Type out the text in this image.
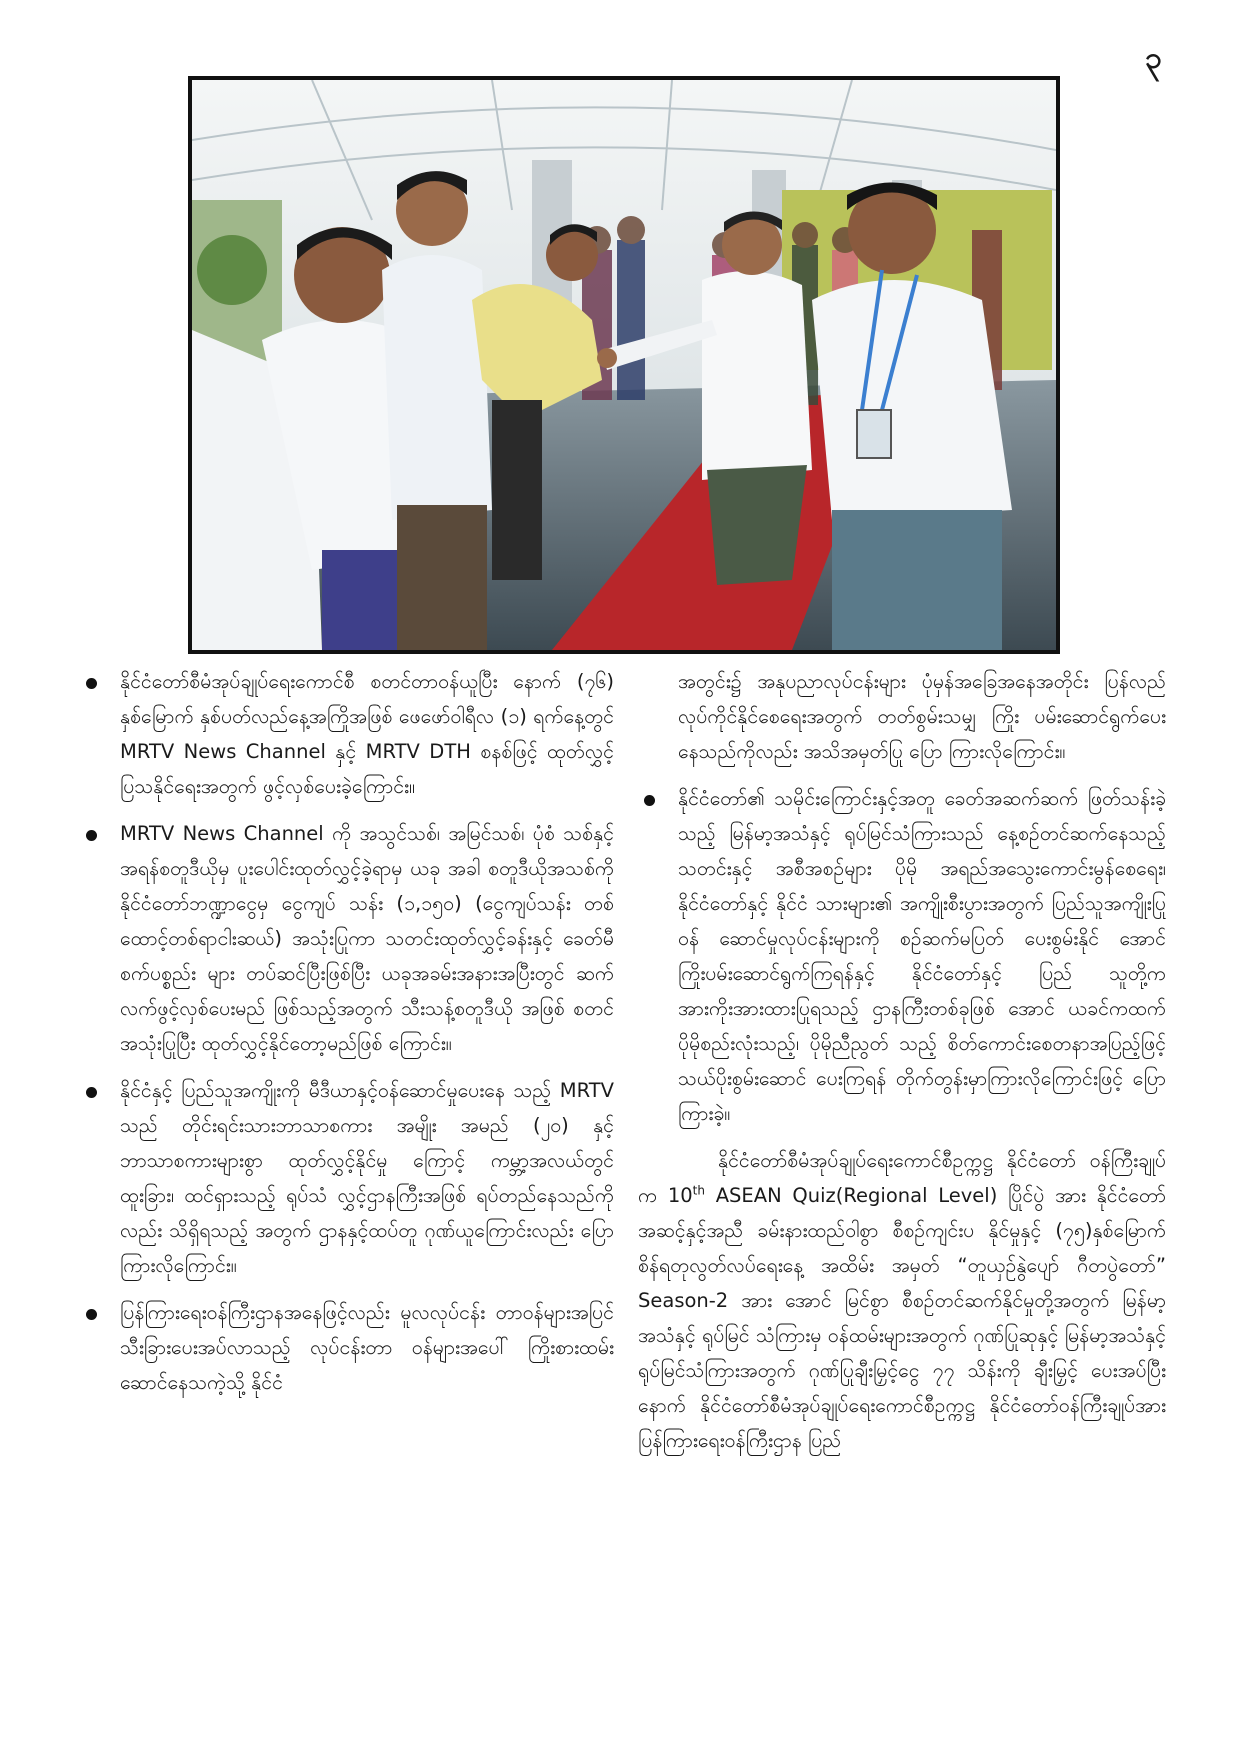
၃
နိုင်ငံတော်စီမံအုပ်ချုပ်ရေးကောင်စီ စတင်တာဝန်ယူပြီး နောက် (၇၆) နှစ်မြောက် နှစ်ပတ်လည်နေ့အကြိုအဖြစ် ဖေဖော်ဝါရီလ (၁) ရက်နေ့တွင် MRTV News Channel နှင့် MRTV DTH စနစ်ဖြင့် ထုတ်လွှင့်ပြသနိုင်ရေးအတွက် ဖွင့်လှစ်ပေးခဲ့ကြောင်း။
MRTV News Channel ကို အသွင်သစ်၊ အမြင်သစ်၊ ပုံစံ သစ်နှင့် အရန်စတူဒီယိုမှ ပူးပေါင်းထုတ်လွှင့်ခဲ့ရာမှ ယခု အခါ စတူဒီယိုအသစ်ကို နိုင်ငံတော်ဘဏ္ဍာငွေမှ ငွေကျပ် သန်း (၁,၁၅၀) (ငွေကျပ်သန်း တစ်ထောင့်တစ်ရာငါးဆယ်) အသုံးပြုကာ သတင်းထုတ်လွှင့်ခန်းနှင့် ခေတ်မီစက်ပစ္စည်း များ တပ်ဆင်ပြီးဖြစ်ပြီး ယခုအခမ်းအနားအပြီးတွင် ဆက် လက်ဖွင့်လှစ်ပေးမည် ဖြစ်သည့်အတွက် သီးသန့်စတူဒီယို အဖြစ် စတင်အသုံးပြုပြီး ထုတ်လွှင့်နိုင်တော့မည်ဖြစ် ကြောင်း။
နိုင်ငံနှင့် ပြည်သူအကျိုးကို မီဒီယာနှင့်ဝန်ဆောင်မှုပေးနေ သည့် MRTV သည် တိုင်းရင်းသားဘာသာစကား အမျိုး အမည် (၂၀) နှင့် ဘာသာစကားများစွာ ထုတ်လွှင့်နိုင်မှု ကြောင့် ကမ္ဘာ့အလယ်တွင် ထူးခြား၊ ထင်ရှားသည့် ရုပ်သံ လွှင့်ဌာနကြီးအဖြစ် ရပ်တည်နေသည်ကိုလည်း သိရှိရသည့် အတွက် ဌာနနှင့်ထပ်တူ ဂုဏ်ယူကြောင်းလည်း ပြော ကြားလိုကြောင်း။
ပြန်ကြားရေးဝန်ကြီးဌာနအနေဖြင့်လည်း မူလလုပ်ငန်း တာဝန်များအပြင် သီးခြားပေးအပ်လာသည့် လုပ်ငန်းတာ ဝန်များအပေါ် ကြိုးစားထမ်းဆောင်နေသကဲ့သို့ နိုင်ငံ
အတွင်း၌ အနုပညာလုပ်ငန်းများ ပုံမှန်အခြေအနေအတိုင်း ပြန်လည်လုပ်ကိုင်နိုင်စေရေးအတွက် တတ်စွမ်းသမျှ ကြိုး ပမ်းဆောင်ရွက်ပေးနေသည်ကိုလည်း အသိအမှတ်ပြု ပြော ကြားလိုကြောင်း။
နိုင်ငံတော်၏ သမိုင်းကြောင်းနှင့်အတူ ခေတ်အဆက်ဆက် ဖြတ်သန်းခဲ့သည့် မြန်မာ့အသံနှင့် ရုပ်မြင်သံကြားသည် နေ့စဉ်တင်ဆက်နေသည့် သတင်းနှင့် အစီအစဉ်များ ပိုမို အရည်အသွေးကောင်းမွန်စေရေး၊ နိုင်ငံတော်နှင့် နိုင်ငံ သားများ၏ အကျိုးစီးပွားအတွက် ပြည်သူအကျိုးပြုဝန် ဆောင်မှုလုပ်ငန်းများကို စဉ်ဆက်မပြတ် ပေးစွမ်းနိုင် အောင် ကြိုးပမ်းဆောင်ရွက်ကြရန်နှင့် နိုင်ငံတော်နှင့် ပြည် သူတို့က အားကိုးအားထားပြုရသည့် ဌာနကြီးတစ်ခုဖြစ် အောင် ယခင်ကထက် ပိုမိုစည်းလုံးသည့်၊ ပိုမိုညီညွတ် သည့် စိတ်ကောင်းစေတနာအပြည့်ဖြင့် သယ်ပိုးစွမ်းဆောင် ပေးကြရန် တိုက်တွန်းမှာကြားလိုကြောင်းဖြင့် ပြောကြားခဲ့။

နိုင်ငံတော်စီမံအုပ်ချုပ်ရေးကောင်စီဥက္ကဋ္ဌ နိုင်ငံတော် ဝန်ကြီးချုပ်က 10th ASEAN Quiz(Regional Level) ပြိုင်ပွဲ အား နိုင်ငံတော်အဆင့်နှင့်အညီ ခမ်းနားထည်ဝါစွာ စီစဉ်ကျင်းပ နိုင်မှုနှင့် (၇၅)နှစ်မြောက် စိန်ရတုလွတ်လပ်ရေးနေ့ အထိမ်း အမှတ် “တူယှဉ်နွဲပျော် ဂီတပွဲတော်” Season-2 အား အောင် မြင်စွာ စီစဉ်တင်ဆက်နိုင်မှုတို့အတွက် မြန်မာ့အသံနှင့် ရုပ်မြင် သံကြားမှ ဝန်ထမ်းများအတွက် ဂုဏ်ပြုဆုနှင့် မြန်မာ့အသံနှင့် ရုပ်မြင်သံကြားအတွက် ဂုဏ်ပြုချီးမြှင့်ငွေ ၇၇ သိန်းကို ချီးမြှင့် ပေးအပ်ပြီးနောက် နိုင်ငံတော်စီမံအုပ်ချုပ်ရေးကောင်စီဥက္ကဋ္ဌ နိုင်ငံတော်ဝန်ကြီးချုပ်အား ပြန်ကြားရေးဝန်ကြီးဌာန ပြည်
